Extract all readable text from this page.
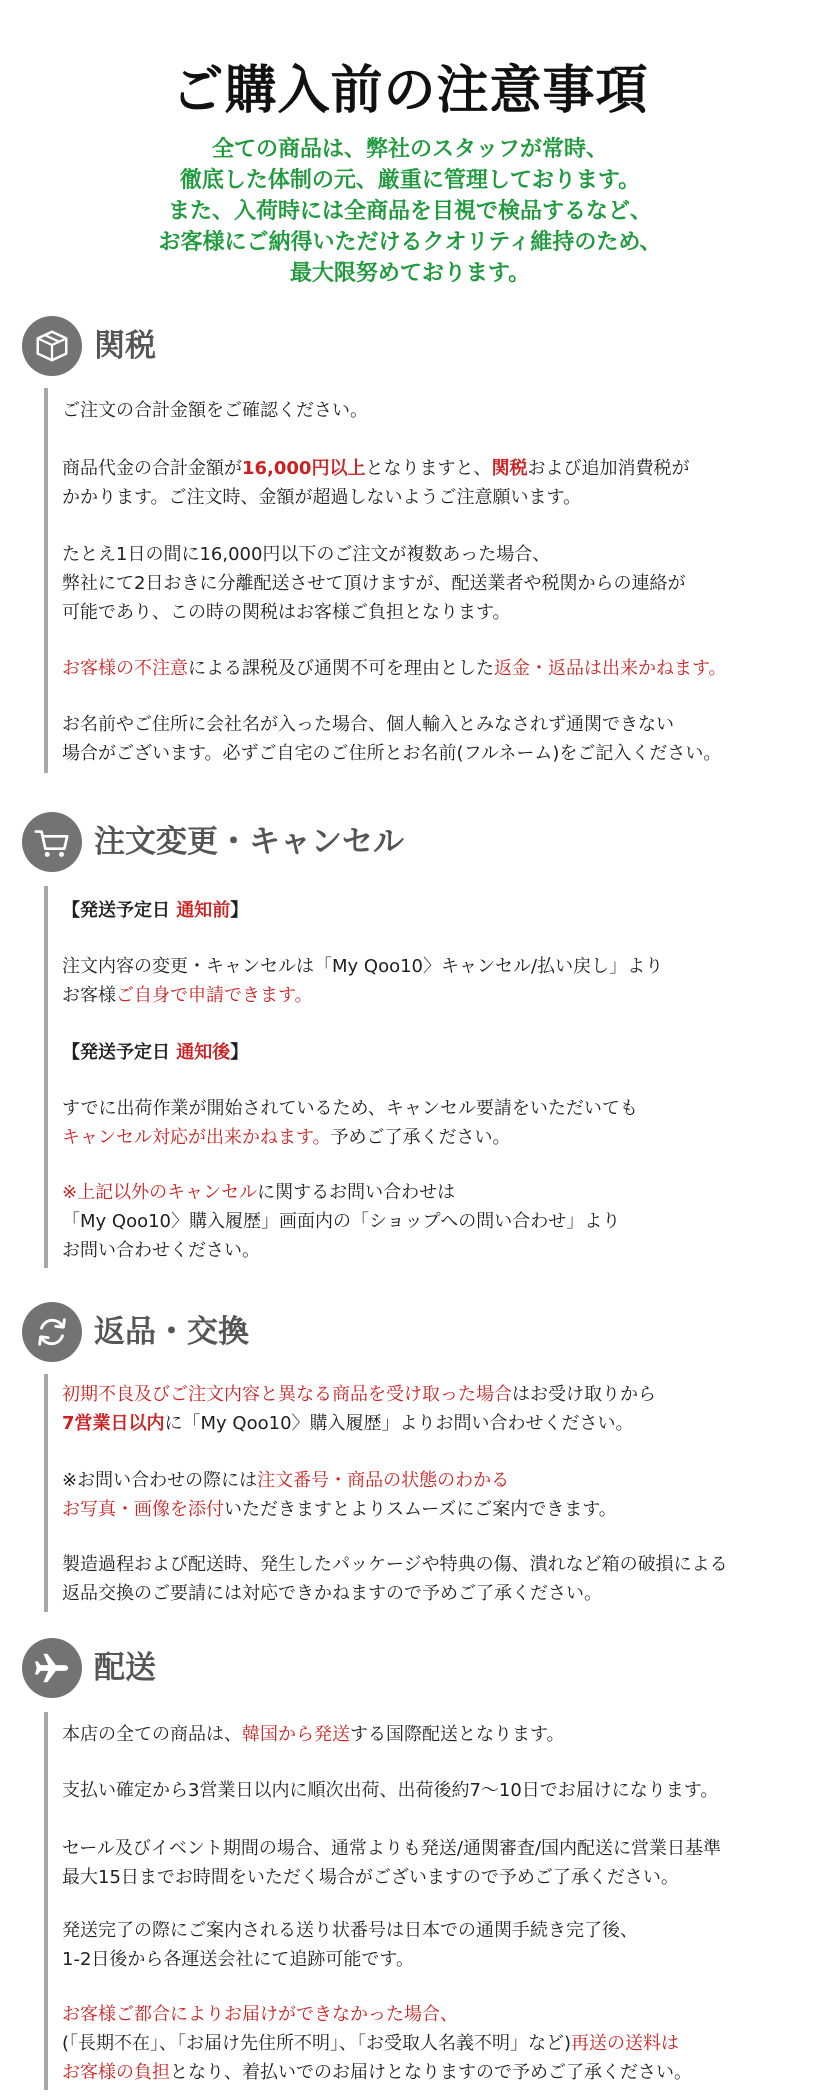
ご購入前の注意事項
全ての商品は、弊社のスタッフが常時、
徹底した体制の元、厳重に管理しております。
また、入荷時には全商品を目視で検品するなど、
お客様にご納得いただけるクオリティ維持のため、
最大限努めております。
関税
ご注文の合計金額をご確認ください。
商品代金の合計金額が16,000円以上となりますと、関税および追加消費税が
かかります。ご注文時、金額が超過しないようご注意願います。
たとえ1日の間に16,000円以下のご注文が複数あった場合、
弊社にて2日おきに分離配送させて頂けますが、配送業者や税関からの連絡が
可能であり、この時の関税はお客様ご負担となります。
お客様の不注意による課税及び通関不可を理由とした返金・返品は出来かねます。
お名前やご住所に会社名が入った場合、個人輸入とみなされず通関できない
場合がございます。必ずご自宅のご住所とお名前(フルネーム)をご記入ください。
注文変更・キャンセル
【発送予定日 通知前】
注文内容の変更・キャンセルは「My Qoo10〉キャンセル/払い戻し」より
お客様ご自身で申請できます。
【発送予定日 通知後】
すでに出荷作業が開始されているため、キャンセル要請をいただいても
キャンセル対応が出来かねます。予めご了承ください。
※上記以外のキャンセルに関するお問い合わせは
「My Qoo10〉購入履歴」画面内の「ショップへの問い合わせ」より
お問い合わせください。
返品・交換
初期不良及びご注文内容と異なる商品を受け取った場合はお受け取りから
7営業日以内に「My Qoo10〉購入履歴」よりお問い合わせください。
※お問い合わせの際には注文番号・商品の状態のわかる
お写真・画像を添付いただきますとよりスムーズにご案内できます。
製造過程および配送時、発生したパッケージや特典の傷、潰れなど箱の破損による
返品交換のご要請には対応できかねますので予めご了承ください。
配送
本店の全ての商品は、韓国から発送する国際配送となります。
支払い確定から3営業日以内に順次出荷、出荷後約7～10日でお届けになります。
セール及びイベント期間の場合、通常よりも発送/通関審査/国内配送に営業日基準
最大15日までお時間をいただく場合がございますので予めご了承ください。
発送完了の際にご案内される送り状番号は日本での通関手続き完了後、
1-2日後から各運送会社にて追跡可能です。
お客様ご都合によりお届けができなかった場合、
(「長期不在」、「お届け先住所不明」、「お受取人名義不明」など)再送の送料は
お客様の負担となり、着払いでのお届けとなりますので予めご了承ください。
